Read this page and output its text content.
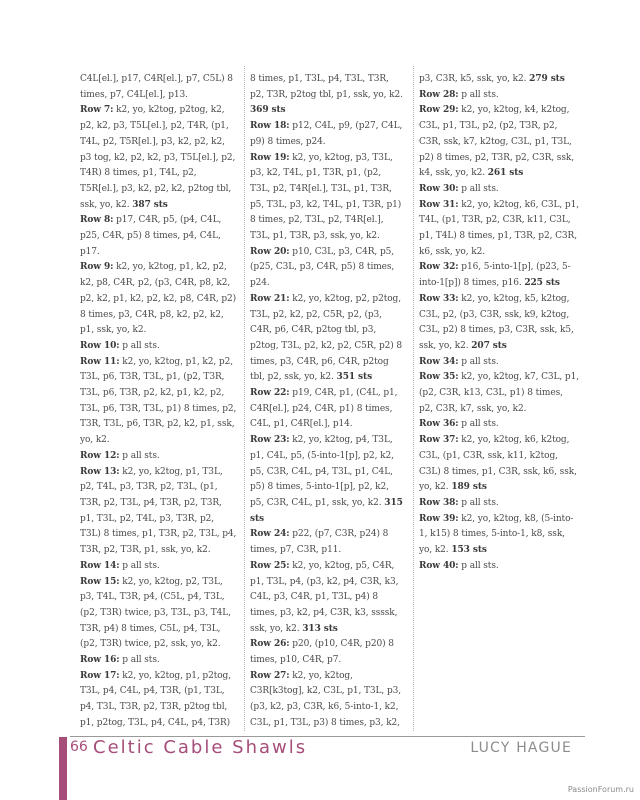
C4L[el.], p17, C4R[el.], p7, C5L) 8 times, p7, C4L[el.], p13.

Row 7: k2, yo, k2tog, p2tog, k2, p2, k2, p3, T5L[el.], p2, T4R, (p1, T4L, p2, T5R[el.], p3, k2, p2, k2, p3 tog, k2, p2, k2, p3, T5L[el.], p2, T4R) 8 times, p1, T4L, p2, T5R[el.], p3, k2, p2, k2, p2tog tbl, ssk, yo, k2. 387 sts

Row 8: p17, C4R, p5, (p4, C4L, p25, C4R, p5) 8 times, p4, C4L, p17.

Row 9: k2, yo, k2tog, p1, k2, p2, k2, p8, C4R, p2, (p3, C4R, p8, k2, p2, k2, p1, k2, p2, k2, p8, C4R, p2) 8 times, p3, C4R, p8, k2, p2, k2, p1, ssk, yo, k2.

Row 10: p all sts.

Row 11: k2, yo, k2tog, p1, k2, p2, T3L, p6, T3R, T3L, p1, (p2, T3R, T3L, p6, T3R, p2, k2, p1, k2, p2, T3L, p6, T3R, T3L, p1) 8 times, p2, T3R, T3L, p6, T3R, p2, k2, p1, ssk, yo, k2.

Row 12: p all sts.

Row 13: k2, yo, k2tog, p1, T3L, p2, T4L, p3, T3R, p2, T3L, (p1, T3R, p2, T3L, p4, T3R, p2, T3R, p1, T3L, p2, T4L, p3, T3R, p2, T3L) 8 times, p1, T3R, p2, T3L, p4, T3R, p2, T3R, p1, ssk, yo, k2.

Row 14: p all sts.

Row 15: k2, yo, k2tog, p2, T3L, p3, T4L, T3R, p4, (C5L, p4, T3L, (p2, T3R) twice, p3, T3L, p3, T4L, T3R, p4) 8 times, C5L, p4, T3L, (p2, T3R) twice, p2, ssk, yo, k2.

Row 16: p all sts.

Row 17: k2, yo, k2tog, p1, p2tog, T3L, p4, C4L, p4, T3R, (p1, T3L, p4, T3L, T3R, p2, T3R, p2tog tbl, p1, p2tog, T3L, p4, C4L, p4, T3R)

8 times, p1, T3L, p4, T3L, T3R, p2, T3R, p2tog tbl, p1, ssk, yo, k2. 369 sts

Row 18: p12, C4L, p9, (p27, C4L, p9) 8 times, p24.

Row 19: k2, yo, k2tog, p3, T3L, p3, k2, T4L, p1, T3R, p1, (p2, T3L, p2, T4R[el.], T3L, p1, T3R, p5, T3L, p3, k2, T4L, p1, T3R, p1) 8 times, p2, T3L, p2, T4R[el.], T3L, p1, T3R, p3, ssk, yo, k2.

Row 20: p10, C3L, p3, C4R, p5, (p25, C3L, p3, C4R, p5) 8 times, p24.

Row 21: k2, yo, k2tog, p2, p2tog, T3L, p2, k2, p2, C5R, p2, (p3, C4R, p6, C4R, p2tog tbl, p3, p2tog, T3L, p2, k2, p2, C5R, p2) 8 times, p3, C4R, p6, C4R, p2tog tbl, p2, ssk, yo, k2. 351 sts

Row 22: p19, C4R, p1, (C4L, p1, C4R[el.], p24, C4R, p1) 8 times, C4L, p1, C4R[el.], p14.

Row 23: k2, yo, k2tog, p4, T3L, p1, C4L, p5, (5-into-1[p], p2, k2, p5, C3R, C4L, p4, T3L, p1, C4L, p5) 8 times, 5-into-1[p], p2, k2, p5, C3R, C4L, p1, ssk, yo, k2. 315 sts

Row 24: p22, (p7, C3R, p24) 8 times, p7, C3R, p11.

Row 25: k2, yo, k2tog, p5, C4R, p1, T3L, p4, (p3, k2, p4, C3R, k3, C4L, p3, C4R, p1, T3L, p4) 8 times, p3, k2, p4, C3R, k3, ssssk, ssk, yo, k2. 313 sts

Row 26: p20, (p10, C4R, p20) 8 times, p10, C4R, p7.

Row 27: k2, yo, k2tog, C3R[k3tog], k2, C3L, p1, T3L, p3, (p3, k2, p3, C3R, k6, 5-into-1, k2, C3L, p1, T3L, p3) 8 times, p3, k2,

p3, C3R, k5, ssk, yo, k2. 279 sts

Row 28: p all sts.

Row 29: k2, yo, k2tog, k4, k2tog, C3L, p1, T3L, p2, (p2, T3R, p2, C3R, ssk, k7, k2tog, C3L, p1, T3L, p2) 8 times, p2, T3R, p2, C3R, ssk, k4, ssk, yo, k2. 261 sts

Row 30: p all sts.

Row 31: k2, yo, k2tog, k6, C3L, p1, T4L, (p1, T3R, p2, C3R, k11, C3L, p1, T4L) 8 times, p1, T3R, p2, C3R, k6, ssk, yo, k2.

Row 32: p16, 5-into-1[p], (p23, 5-into-1[p]) 8 times, p16. 225 sts

Row 33: k2, yo, k2tog, k5, k2tog, C3L, p2, (p3, C3R, ssk, k9, k2tog, C3L, p2) 8 times, p3, C3R, ssk, k5, ssk, yo, k2. 207 sts

Row 34: p all sts.

Row 35: k2, yo, k2tog, k7, C3L, p1, (p2, C3R, k13, C3L, p1) 8 times, p2, C3R, k7, ssk, yo, k2.

Row 36: p all sts.

Row 37: k2, yo, k2tog, k6, k2tog, C3L, (p1, C3R, ssk, k11, k2tog, C3L) 8 times, p1, C3R, ssk, k6, ssk, yo, k2. 189 sts

Row 38: p all sts.

Row 39: k2, yo, k2tog, k8, (5-into-1, k15) 8 times, 5-into-1, k8, ssk, yo, k2. 153 sts

Row 40: p all sts.

66 Celtic Cable Shawls	LUCY HAGUE
PassionForum.ru
